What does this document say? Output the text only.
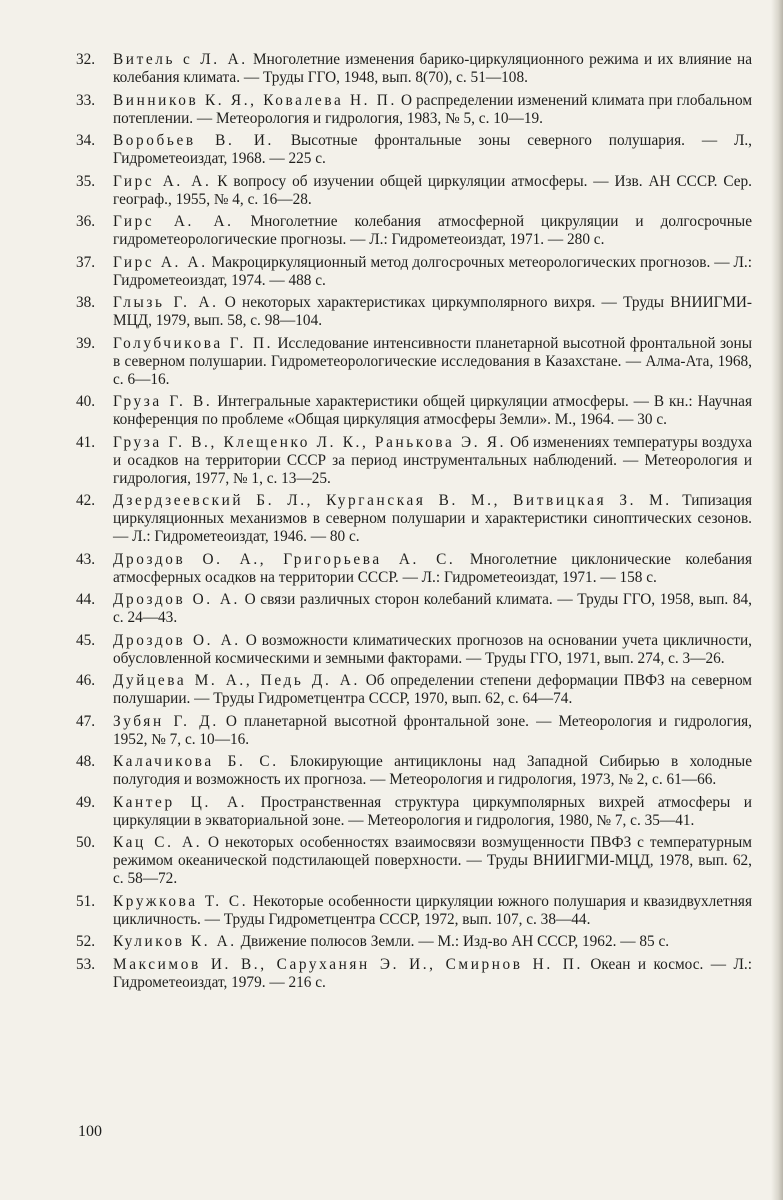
32.	Витель с Л. А. Многолетние изменения барико-циркуляционного режима и их влияние на колебания климата. — Труды ГГО, 1948, вып. 8(70), с. 51—108.
33.	Винников К. Я., Ковалева Н. П. О распределении изменений климата при глобальном потеплении. — Метеорология и гидрология, 1983, № 5, с. 10—19.
34.	Воробьев В. И. Высотные фронтальные зоны северного полушария. — Л., Гидрометеоиздат, 1968. — 225 с.
35.	Гирс А. А. К вопросу об изучении общей циркуляции атмосферы. — Изв. АН СССР. Сер. географ., 1955, № 4, с. 16—28.
36.	Гирс А. А. Многолетние колебания атмосферной цикруляции и долгосрочные гидрометеорологические прогнозы. — Л.: Гидрометеоиздат, 1971. — 280 с.
37.	Гирс А. А. Макроциркуляционный метод долгосрочных метеорологических прогнозов. — Л.: Гидрометеоиздат, 1974. — 488 с.
38.	Глызь Г. А. О некоторых характеристиках циркумполярного вихря. — Труды ВНИИГМИ-МЦД, 1979, вып. 58, с. 98—104.
39.	Голубчикова Г. П. Исследование интенсивности планетарной высотной фронтальной зоны в северном полушарии. Гидрометеорологические исследования в Казахстане. — Алма-Ата, 1968, с. 6—16.
40.	Груза Г. В. Интегральные характеристики общей циркуляции атмосферы. — В кн.: Научная конференция по проблеме «Общая циркуляция атмосферы Земли». М., 1964. — 30 с.
41.	Груза Г. В., Клещенко Л. К., Ранькова Э. Я. Об изменениях температуры воздуха и осадков на территории СССР за период инструментальных наблюдений. — Метеорология и гидрология, 1977, № 1, с. 13—25.
42.	Дзердзеевский Б. Л., Курганская В. М., Витвицкая З. М. Типизация циркуляционных механизмов в северном полушарии и характеристики синоптических сезонов. — Л.: Гидрометеоиздат, 1946. — 80 с.
43.	Дроздов О. А., Григорьева А. С. Многолетние циклонические колебания атмосферных осадков на территории СССР. — Л.: Гидрометеоиздат, 1971. — 158 с.
44.	Дроздов О. А. О связи различных сторон колебаний климата. — Труды ГГО, 1958, вып. 84, с. 24—43.
45.	Дроздов О. А. О возможности климатических прогнозов на основании учета цикличности, обусловленной космическими и земными факторами. — Труды ГГО, 1971, вып. 274, с. 3—26.
46.	Дуйцева М. А., Педь Д. А. Об определении степени деформации ПВФЗ на северном полушарии. — Труды Гидрометцентра СССР, 1970, вып. 62, с. 64—74.
47.	Зубян Г. Д. О планетарной высотной фронтальной зоне. — Метеорология и гидрология, 1952, № 7, с. 10—16.
48.	Калачикова Б. С. Блокирующие антициклоны над Западной Сибирью в холодные полугодия и возможность их прогноза. — Метеорология и гидрология, 1973, № 2, с. 61—66.
49.	Кантер Ц. А. Пространственная структура циркумполярных вихрей атмосферы и циркуляции в экваториальной зоне. — Метеорология и гидрология, 1980, № 7, с. 35—41.
50.	Кац С. А. О некоторых особенностях взаимосвязи возмущенности ПВФЗ с температурным режимом океанической подстилающей поверхности. — Труды ВНИИГМИ-МЦД, 1978, вып. 62, с. 58—72.
51.	Кружкова Т. С. Некоторые особенности циркуляции южного полушария и квазидвухлетняя цикличность. — Труды Гидрометцентра СССР, 1972, вып. 107, с. 38—44.
52.	Куликов К. А. Движение полюсов Земли. — М.: Изд-во АН СССР, 1962. — 85 с.
53.	Максимов И. В., Саруханян Э. И., Смирнов Н. П. Океан и космос. — Л.: Гидрометеоиздат, 1979. — 216 с.
100
